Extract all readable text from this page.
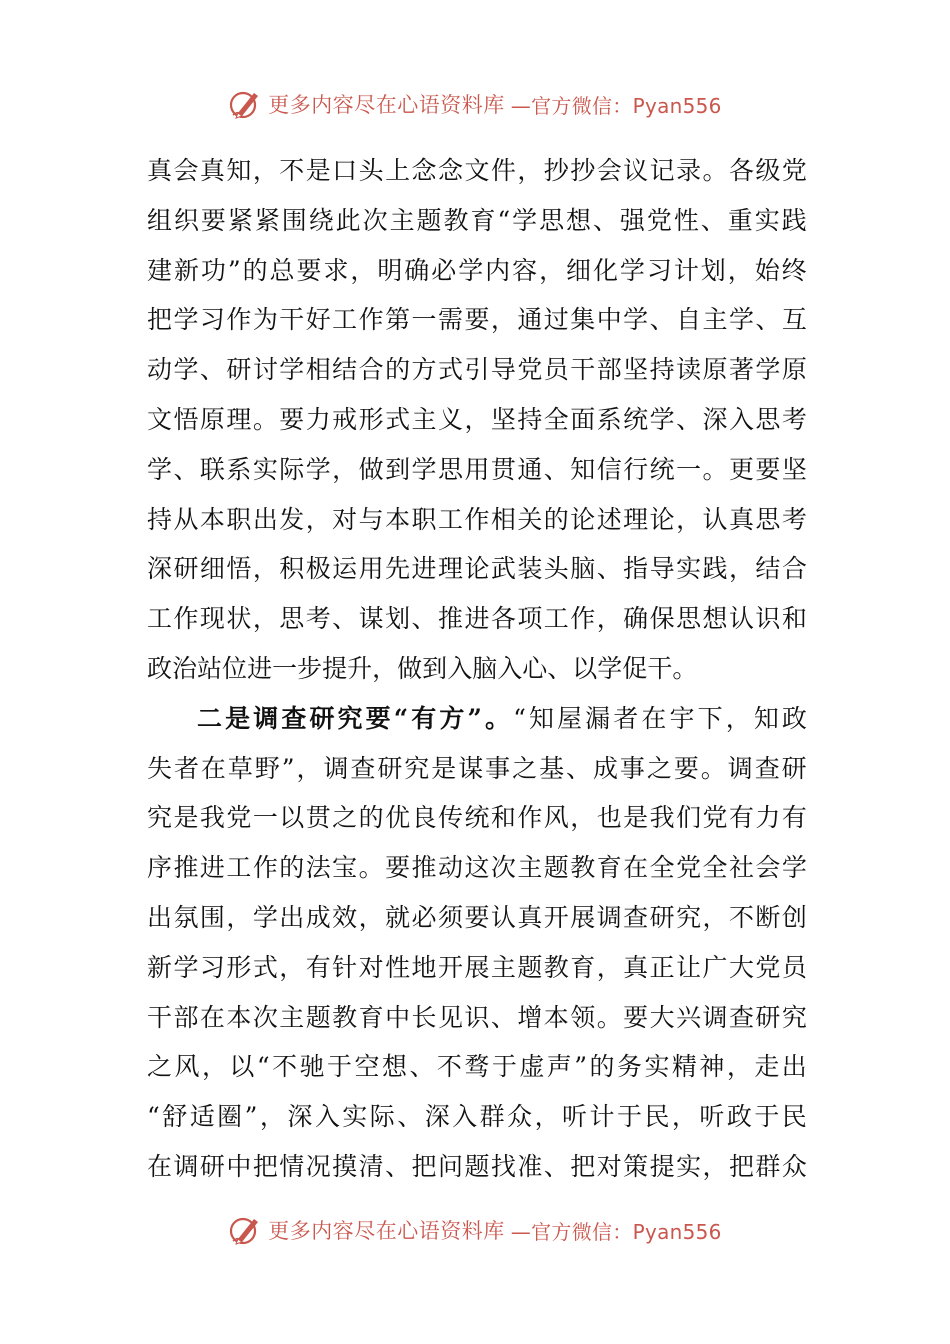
更多内容尽在心语资料库 —官方微信：Pyan556
真 会 真 知 ， 不 是 口 头 上 念 念 文 件 ， 抄 抄 会 议 记 录 。 各 级 党
组 织 要 紧 紧 围 绕 此 次 主 题 教 育 “ 学 思 想 、 强 党 性 、 重 实 践
建 新 功 ” 的 总 要 求 ， 明 确 必 学 内 容 ， 细 化 学 习 计 划 ， 始 终
把 学 习 作 为 干 好 工 作 第 一 需 要 ， 通 过 集 中 学 、 自 主 学 、 互
动 学 、 研 讨 学 相 结 合 的 方 式 引 导 党 员 干 部 坚 持 读 原 著 学 原
文 悟 原 理 。 要 力 戒 形 式 主 义 ， 坚 持 全 面 系 统 学 、 深 入 思 考
学 、 联 系 实 际 学 ， 做 到 学 思 用 贯 通 、 知 信 行 统 一 。 更 要 坚
持 从 本 职 出 发 ， 对 与 本 职 工 作 相 关 的 论 述 理 论 ， 认 真 思 考
深 研 细 悟 ， 积 极 运 用 先 进 理 论 武 装 头 脑 、 指 导 实 践 ， 结 合
工 作 现 状 ， 思 考 、 谋 划 、 推 进 各 项 工 作 ， 确 保 思 想 认 识 和
政 治 站 位 进 一 步 提 升 ， 做 到 入 脑 入 心 、 以 学 促 干 。
二 是 调 查 研 究 要 “ 有 方 ” 。 “ 知 屋 漏 者 在 宇 下 ， 知 政
失 者 在 草 野 ” ， 调 查 研 究 是 谋 事 之 基 、 成 事 之 要 。 调 查 研
究 是 我 党 一 以 贯 之 的 优 良 传 统 和 作 风 ， 也 是 我 们 党 有 力 有
序 推 进 工 作 的 法 宝 。 要 推 动 这 次 主 题 教 育 在 全 党 全 社 会 学
出 氛 围 ， 学 出 成 效 ， 就 必 须 要 认 真 开 展 调 查 研 究 ， 不 断 创
新 学 习 形 式 ， 有 针 对 性 地 开 展 主 题 教 育 ， 真 正 让 广 大 党 员
干 部 在 本 次 主 题 教 育 中 长 见 识 、 增 本 领 。 要 大 兴 调 查 研 究
之 风 ， 以 “ 不 驰 于 空 想 、 不 骛 于 虚 声 ” 的 务 实 精 神 ， 走 出
“ 舒 适 圈 ” ， 深 入 实 际 、 深 入 群 众 ， 听 计 于 民 ， 听 政 于 民
在 调 研 中 把 情 况 摸 清 、 把 问 题 找 准 、 把 对 策 提 实 ， 把 群 众
更多内容尽在心语资料库 —官方微信：Pyan556
